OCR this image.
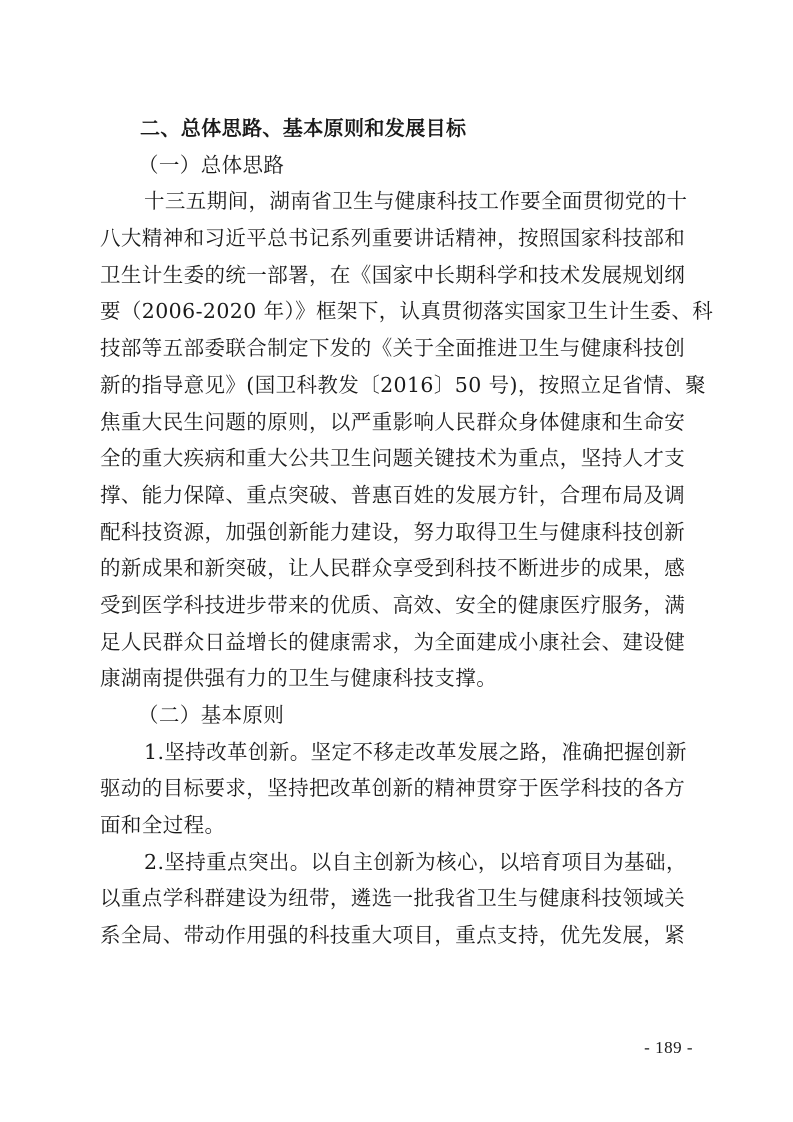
二、总体思路、基本原则和发展目标
（一）总体思路
十三五期间，湖南省卫生与健康科技工作要全面贯彻党的十
八大精神和习近平总书记系列重要讲话精神，按照国家科技部和
卫生计生委的统一部署，在《国家中长期科学和技术发展规划纲
要（2006-2020 年）》框架下，认真贯彻落实国家卫生计生委、科
技部等五部委联合制定下发的《关于全面推进卫生与健康科技创
新的指导意见》(国卫科教发〔2016〕50 号)，按照立足省情、聚
焦重大民生问题的原则，以严重影响人民群众身体健康和生命安
全的重大疾病和重大公共卫生问题关键技术为重点，坚持人才支
撑、能力保障、重点突破、普惠百姓的发展方针，合理布局及调
配科技资源，加强创新能力建设，努力取得卫生与健康科技创新
的新成果和新突破，让人民群众享受到科技不断进步的成果，感
受到医学科技进步带来的优质、高效、安全的健康医疗服务，满
足人民群众日益增长的健康需求，为全面建成小康社会、建设健
康湖南提供强有力的卫生与健康科技支撑。
（二）基本原则
1.坚持改革创新。坚定不移走改革发展之路，准确把握创新
驱动的目标要求，坚持把改革创新的精神贯穿于医学科技的各方
面和全过程。
2.坚持重点突出。以自主创新为核心，以培育项目为基础，
以重点学科群建设为纽带，遴选一批我省卫生与健康科技领域关
系全局、带动作用强的科技重大项目，重点支持，优先发展，紧
- 189 -
